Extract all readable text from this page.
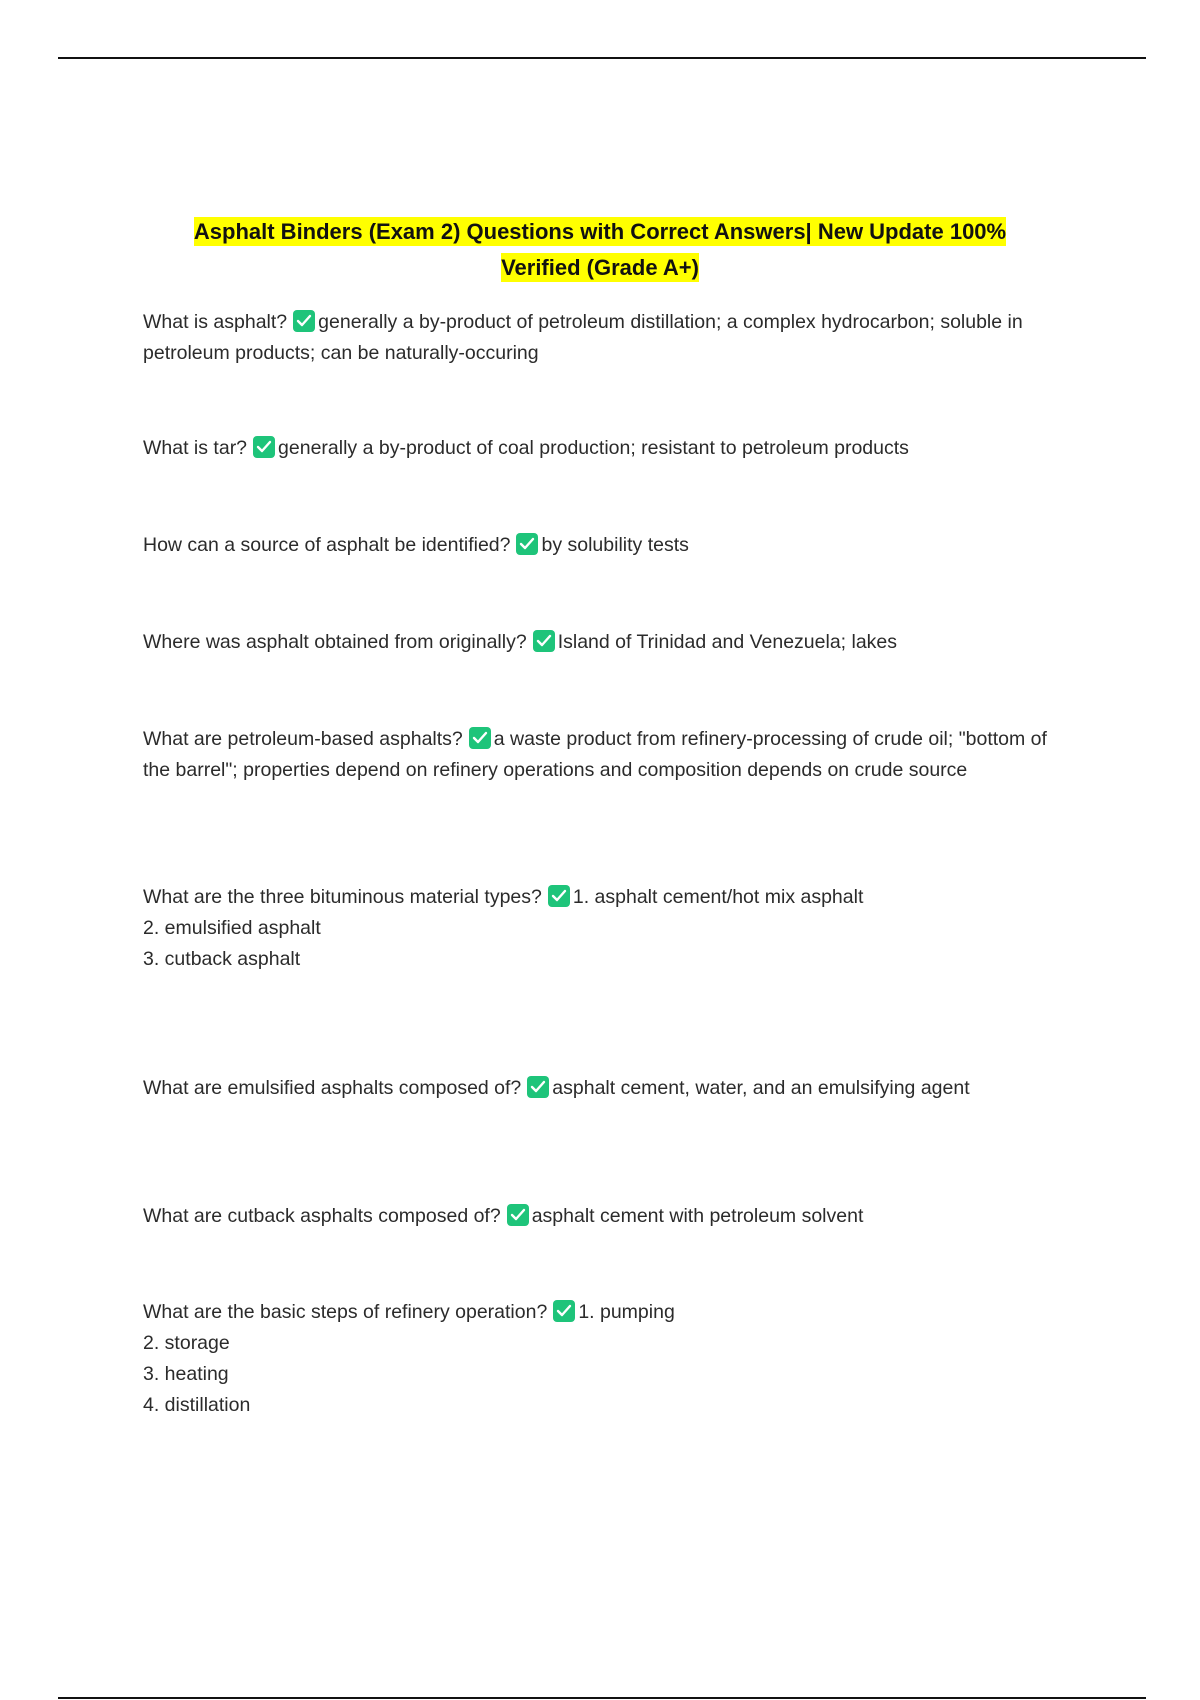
Asphalt Binders (Exam 2) Questions with Correct Answers| New Update 100%
Verified (Grade A+)

What is asphalt? generally a by-product of petroleum distillation; a complex hydrocarbon; soluble in petroleum products; can be naturally-occuring

What is tar? generally a by-product of coal production; resistant to petroleum products

How can a source of asphalt be identified? by solubility tests

Where was asphalt obtained from originally? Island of Trinidad and Venezuela; lakes

What are petroleum-based asphalts? a waste product from refinery-processing of crude oil; "bottom of the barrel"; properties depend on refinery operations and composition depends on crude source

What are the three bituminous material types? 1. asphalt cement/hot mix asphalt

2. emulsified asphalt

3. cutback asphalt

What are emulsified asphalts composed of? asphalt cement, water, and an emulsifying agent

What are cutback asphalts composed of? asphalt cement with petroleum solvent

What are the basic steps of refinery operation? 1. pumping

2. storage

3. heating

4. distillation
